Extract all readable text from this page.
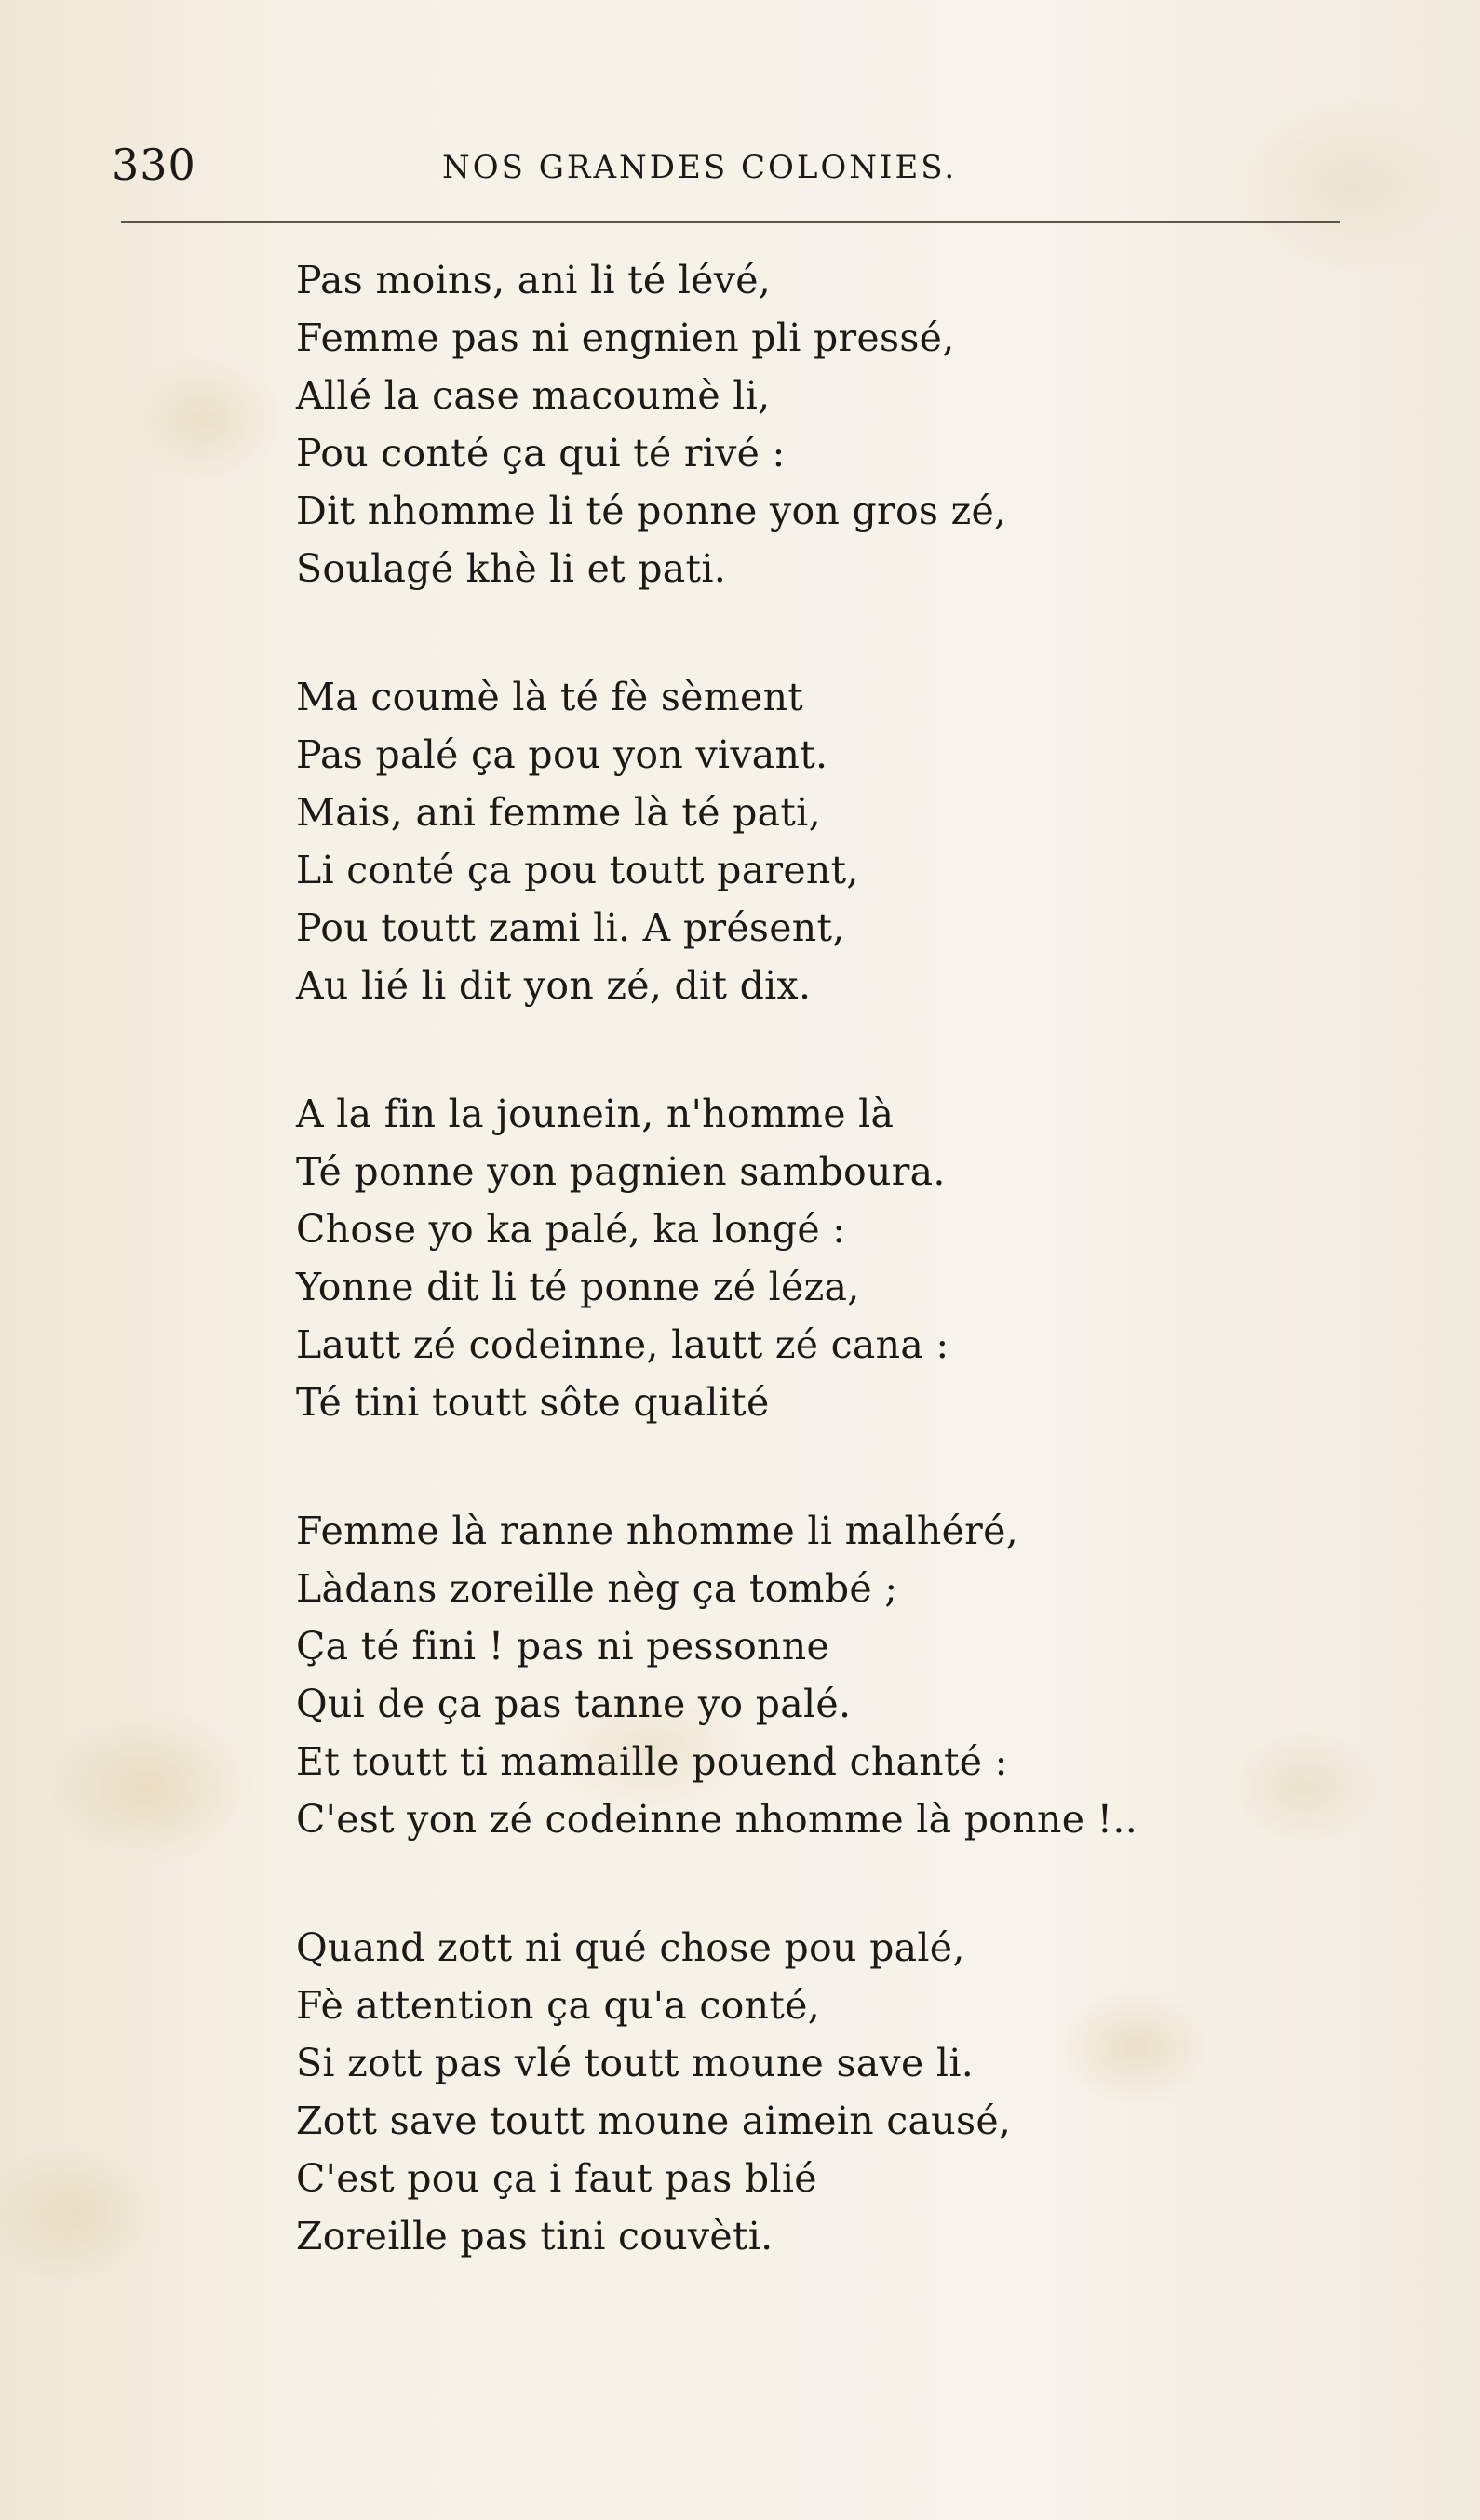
330	NOS GRANDES COLONIES.
Pas moins, ani li té lévé,
Femme pas ni engnien pli pressé,
Allé la case macoumè li,
Pou conté ça qui té rivé :
Dit nhomme li té ponne yon gros zé,
Soulagé khè li et pati.
Ma coumè là té fè sèment
Pas palé ça pou yon vivant.
Mais, ani femme là té pati,
Li conté ça pou toutt parent,
Pou toutt zami li. A présent,
Au lié li dit yon zé, dit dix.
A la fin la jounein, n'homme là
Té ponne yon pagnien samboura.
Chose yo ka palé, ka longé :
Yonne dit li té ponne zé léza,
Lautt zé codeinne, lautt zé cana :
Té tini toutt sôte qualité
Femme là ranne nhomme li malhéré,
Làdans zoreille nèg ça tombé ;
Ça té fini ! pas ni pessonne
Qui de ça pas tanne yo palé.
Et toutt ti mamaille pouend chanté :
C'est yon zé codeinne nhomme là ponne !..
Quand zott ni qué chose pou palé,
Fè attention ça qu'a conté,
Si zott pas vlé toutt moune save li.
Zott save toutt moune aimein causé,
C'est pou ça i faut pas blié
Zoreille pas tini couvèti.
